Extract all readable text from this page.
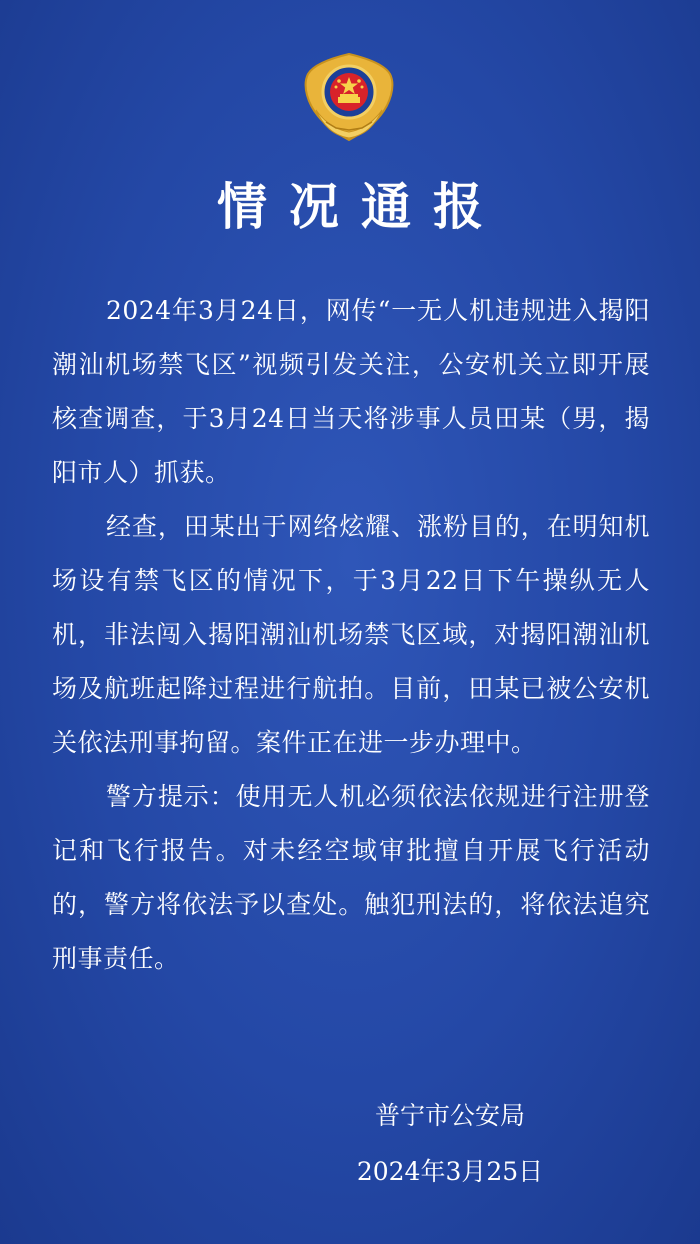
情况通报

2024年3月24日，网传“一无人机违规进入揭阳潮汕机场禁飞区”视频引发关注，公安机关立即开展核查调查，于3月24日当天将涉事人员田某（男，揭阳市人）抓获。

经查，田某出于网络炫耀、涨粉目的，在明知机场设有禁飞区的情况下，于3月22日下午操纵无人机，非法闯入揭阳潮汕机场禁飞区域，对揭阳潮汕机场及航班起降过程进行航拍。目前，田某已被公安机关依法刑事拘留。案件正在进一步办理中。

警方提示：使用无人机必须依法依规进行注册登记和飞行报告。对未经空域审批擅自开展飞行活动的，警方将依法予以查处。触犯刑法的，将依法追究刑事责任。

普宁市公安局
2024年3月25日
